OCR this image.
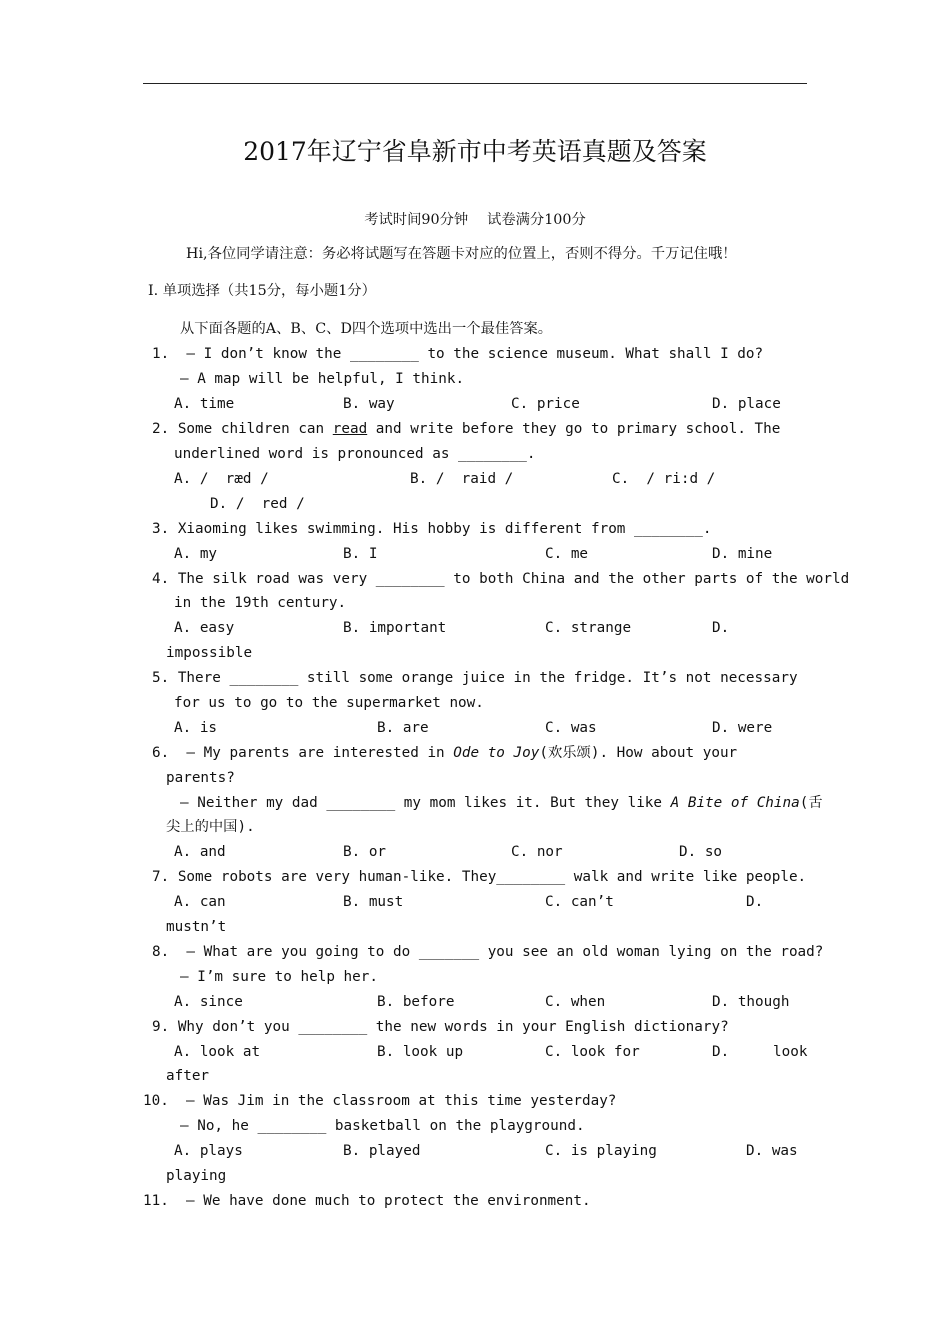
2017年辽宁省阜新市中考英语真题及答案
考试时间90分钟　 试卷满分100分
Hi,各位同学请注意：务必将试题写在答题卡对应的位置上，否则不得分。千万记住哦！
Ⅰ. 单项选择（共15分，每小题1分）
从下面各题的A、B、C、D四个选项中选出一个最佳答案。
1.  – I don’t know the ________ to the science museum. What shall I do?
– A map will be helpful, I think.
A. time	B. way	C. price	D. place
2. Some children can read and write before they go to primary school. The
underlined word is pronounced as ________.
A. /  ræd /	B. /  raid /	C.  / ri:d /
D. /  red /
3. Xiaoming likes swimming. His hobby is different from ________.
A. my	B. I	C. me	D. mine
4. The silk road was very ________ to both China and the other parts of the world
in the 19th century.
A. easy	B. important	C. strange	D.
impossible
5. There ________ still some orange juice in the fridge. It’s not necessary
for us to go to the supermarket now.
A. is	B. are	C. was	D. were
6.  – My parents are interested in Ode to Joy(欢乐颂). How about your
parents?
– Neither my dad ________ my mom likes it. But they like A Bite of China(舌
尖上的中国).
A. and	B. or	C. nor	D. so
7. Some robots are very human-like. They________ walk and write like people.
A. can	B. must	C. can’t	D.
mustn’t
8.  – What are you going to do _______ you see an old woman lying on the road?
– I’m sure to help her.
A. since	B. before	C. when	D. though
9. Why don’t you ________ the new words in your English dictionary?
A. look at	B. look up	C. look for	D.	look
after
10.  – Was Jim in the classroom at this time yesterday?
– No, he ________ basketball on the playground.
A. plays	B. played	C. is playing	D. was
playing
11.  – We have done much to protect the environment.
